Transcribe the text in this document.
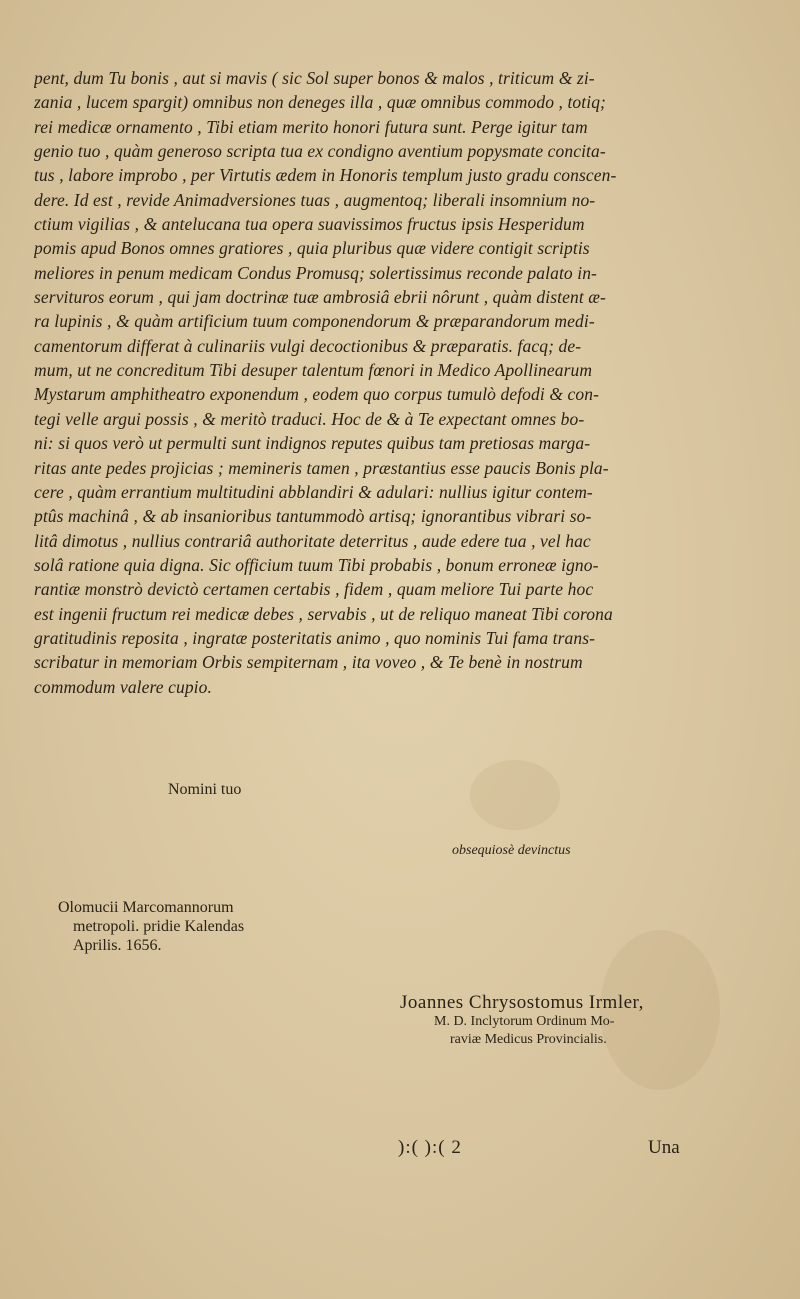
pent, dum Tu bonis , aut si mavis ( sic Sol super bonos & malos , triticum & zi-
zania , lucem spargit) omnibus non deneges illa , quæ omnibus commodo , totiq;
rei medicæ ornamento , Tibi etiam merito honori futura sunt. Perge igitur tam
genio tuo , quàm generoso scripta tua ex condigno aventium popysmate concita-
tus , labore improbo , per Virtutis ædem in Honoris templum justo gradu conscen-
dere. Id est , revide Animadversiones tuas , augmentoq; liberali insomnium no-
ctium vigilias , & antelucana tua opera suavissimos fructus ipsis Hesperidum
pomis apud Bonos omnes gratiores , quia pluribus quæ videre contigit scriptis
meliores in penum medicam Condus Promusq; solertissimus reconde palato in-
servituros eorum , qui jam doctrinæ tuæ ambrosiâ ebrii nôrunt , quàm distent æ-
ra lupinis , & quàm artificium tuum componendorum & præparandorum medi-
camentorum differat à culinariis vulgi decoctionibus & præparatis. facq; de-
mum, ut ne concreditum Tibi desuper talentum fœnori in Medico Apollinearum
Mystarum amphitheatro exponendum , eodem quo corpus tumulò defodi & con-
tegi velle argui possis , & meritò traduci. Hoc de & à Te expectant omnes bo-
ni: si quos verò ut permulti sunt indignos reputes quibus tam pretiosas marga-
ritas ante pedes projicias ; memineris tamen , præstantius esse paucis Bonis pla-
cere , quàm errantium multitudini abblandiri & adulari: nullius igitur contem-
ptûs machinâ , & ab insanioribus tantummodò artisq; ignorantibus vibrari so-
litâ dimotus , nullius contrariâ authoritate deterritus , aude edere tua , vel hac
solâ ratione quia digna. Sic officium tuum Tibi probabis , bonum erroneæ igno-
rantiæ monstrò devictò certamen certabis , fidem , quam meliore Tui parte hoc
est ingenii fructum rei medicæ debes , servabis , ut de reliquo maneat Tibi corona
gratitudinis reposita , ingratæ posteritatis animo , quo nominis Tui fama trans-
scribatur in memoriam Orbis sempiternam , ita voveo , & Te benè in nostrum
commodum valere cupio.
Nomini tuo
obsequiosè devinctus
Olomucii Marcomannorum
metropoli. pridie Kalendas
Aprilis. 1656.
Joannes Chrysostomus Irmler,
M. D. Inclytorum Ordinum Mo-
raviæ Medicus Provincialis.
):( ):( 2	Una
